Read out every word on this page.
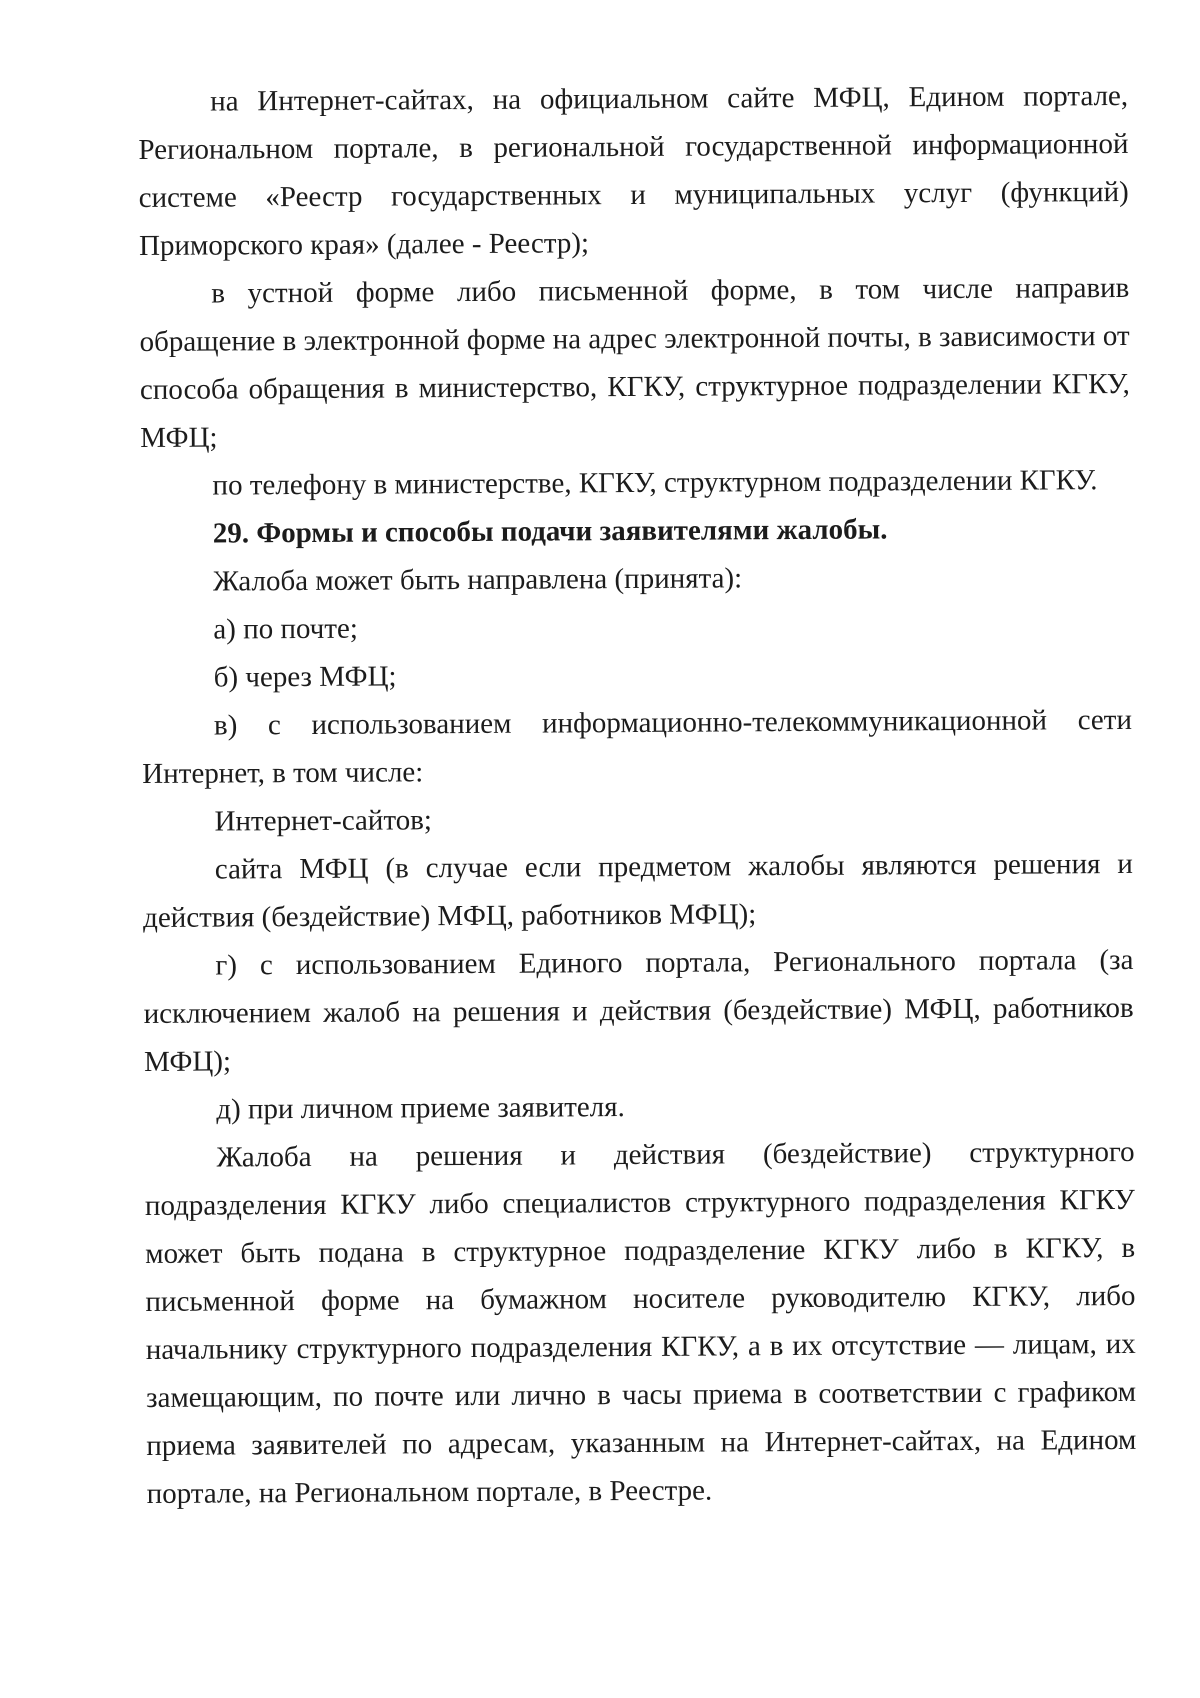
на Интернет-сайтах, на официальном сайте МФЦ, Едином портале, Региональном портале, в региональной государственной информационной системе «Реестр государственных и муниципальных услуг (функций) Приморского края» (далее - Реестр);

в устной форме либо письменной форме, в том числе направив обращение в электронной форме на адрес электронной почты, в зависимости от способа обращения в министерство, КГКУ, структурное подразделении КГКУ, МФЦ;

по телефону в министерстве, КГКУ, структурном подразделении КГКУ.

29. Формы и способы подачи заявителями жалобы.

Жалоба может быть направлена (принята):

а) по почте;

б) через МФЦ;

в) с использованием информационно-телекоммуникационной сети Интернет, в том числе:

Интернет-сайтов;

сайта МФЦ (в случае если предметом жалобы являются решения и действия (бездействие) МФЦ, работников МФЦ);

г) с использованием Единого портала, Регионального портала (за исключением жалоб на решения и действия (бездействие) МФЦ, работников МФЦ);

д) при личном приеме заявителя.

Жалоба на решения и действия (бездействие) структурного подразделения КГКУ либо специалистов структурного подразделения КГКУ может быть подана в структурное подразделение КГКУ либо в КГКУ, в письменной форме на бумажном носителе руководителю КГКУ, либо начальнику структурного подразделения КГКУ, а в их отсутствие — лицам, их замещающим, по почте или лично в часы приема в соответствии с графиком приема заявителей по адресам, указанным на Интернет-сайтах, на Едином портале, на Региональном портале, в Реестре.
